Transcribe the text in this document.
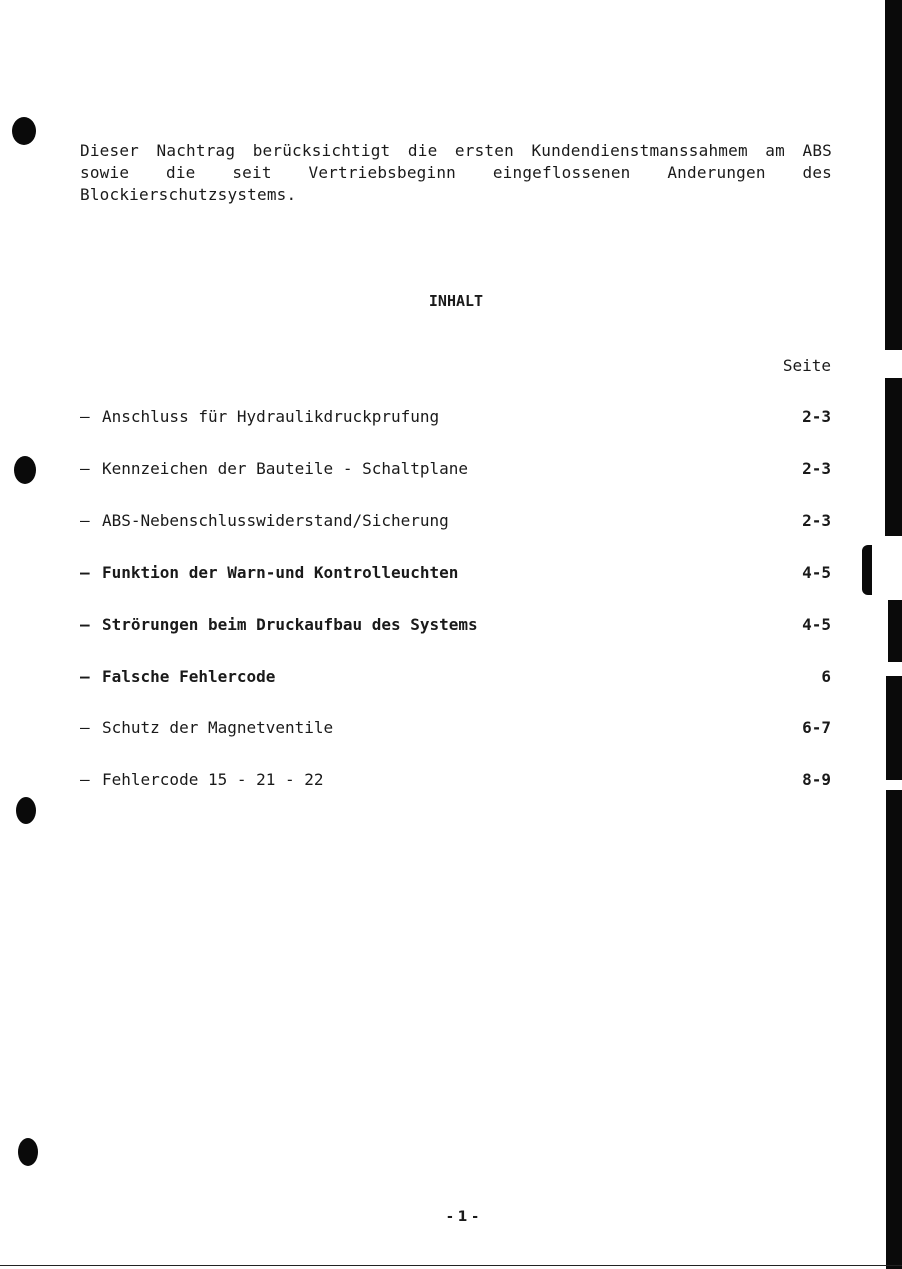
Dieser Nachtrag berücksichtigt die ersten Kundendienstmanssahmem am ABS sowie die seit Vertriebsbeginn eingeflossenen Anderungen des Blockierschutzsystems.

INHALT
Seite
– Anschluss für Hydraulikdruckprufung	2-3
– Kennzeichen der Bauteile - Schaltplane	2-3
– ABS-Nebenschlusswiderstand/Sicherung	2-3
– Funktion der Warn-und Kontrolleuchten	4-5
– Strörungen beim Druckaufbau des Systems	4-5
– Falsche Fehlercode	6
– Schutz der Magnetventile	6-7
– Fehlercode 15 - 21 - 22	8-9
- 1 -
